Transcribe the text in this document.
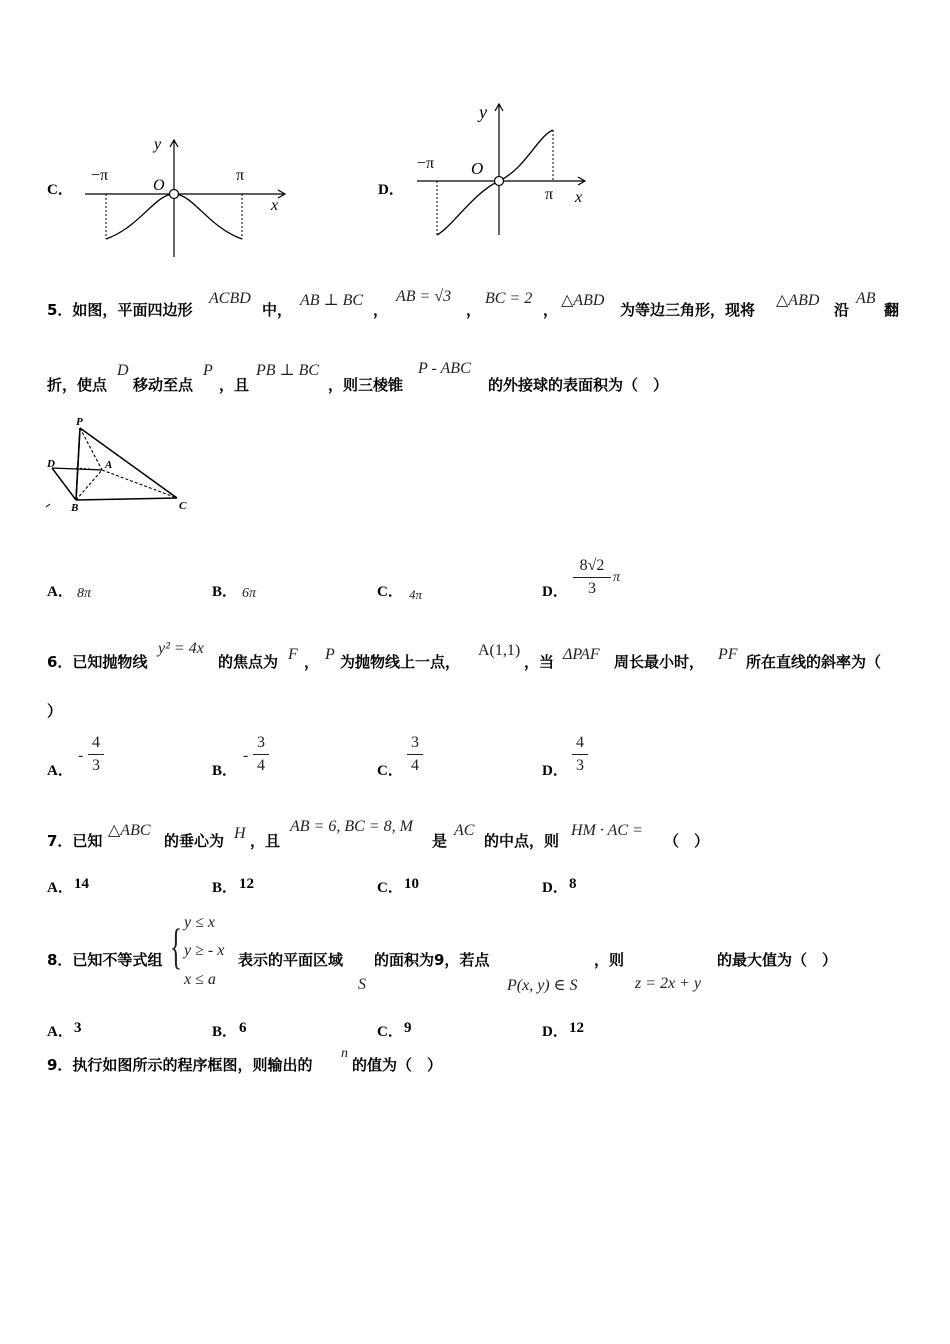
C．
y
−π
O
π
x
D．
y
−π O
π x
5．如图，平面四边形
ACBD
中，
AB ⊥ BC
，
AB = √3
，
BC = 2
，
△ABD
为等边三角形，现将
△ABD
沿
AB
翻
折，使点
D
移动至点
P
，且
PB ⊥ BC
，则三棱锥
P - ABC
的外接球的表面积为（　）
P
D	A
B	C
A． 8π	B． 6π	C． 4π	D．
8√2
3
π
6．已知抛物线
y² = 4x
的焦点为 F ， P 为抛物线上一点，
A(1,1)
，当 ΔPAF 周长最小时， PF 所在直线的斜率为（
）
A．
-
4
3	B．
-
3
4	C．
3
4	D．
4
3
7．已知
△ABC
的垂心为 H ，且
AB = 6, BC = 8, M
是
AC
的中点，则
HM · AC =
（　）
A． 14	B． 12	C． 10	D． 8
8．已知不等式组 { y ≤ x
y ≥ - x
x ≤ a
表示的平面区域
S
的面积为9，若点
P(x, y) ∈ S
，则
z = 2x + y
的最大值为（　）
A． 3	B． 6	C． 9	D． 12
9．执行如图所示的程序框图，则输出的
n
的值为（　）
